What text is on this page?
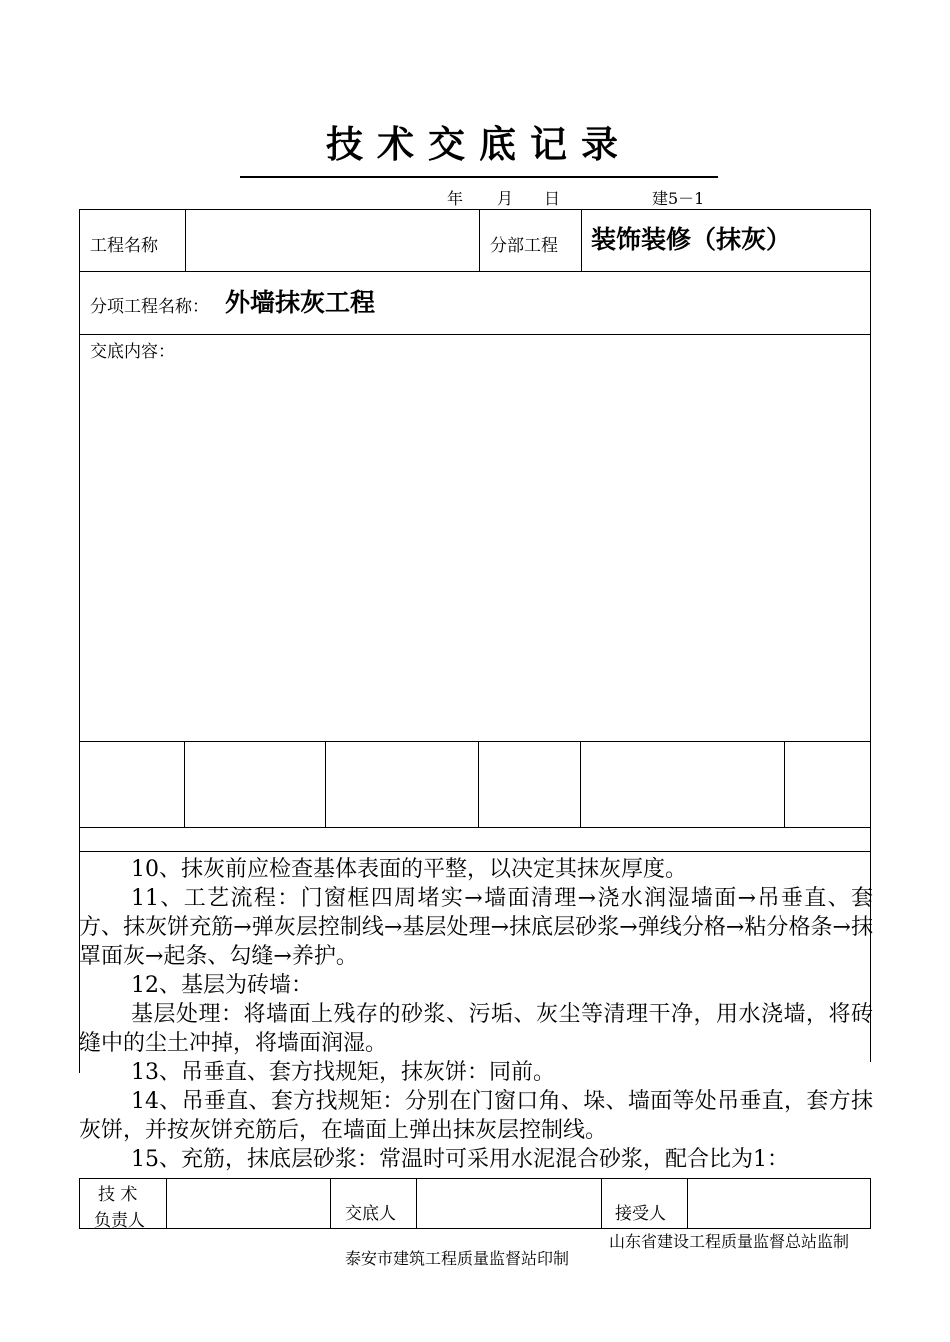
技术交底记录
年 月 日	建5－1
工程名称	分部工程 装饰装修（抹灰）
分项工程名称： 外墙抹灰工程
交底内容：

10、抹灰前应检查基体表面的平整，以决定其抹灰厚度。

11、工艺流程：门窗框四周堵实→墙面清理→浇水润湿墙面→吊垂直、套方、抹灰饼充筋→弹灰层控制线→基层处理→抹底层砂浆→弹线分格→粘分格条→抹罩面灰→起条、勾缝→养护。

12、基层为砖墙：

基层处理：将墙面上残存的砂浆、污垢、灰尘等清理干净，用水浇墙，将砖缝中的尘土冲掉，将墙面润湿。

13、吊垂直、套方找规矩，抹灰饼：同前。

14、吊垂直、套方找规矩：分别在门窗口角、垛、墙面等处吊垂直，套方抹灰饼，并按灰饼充筋后，在墙面上弹出抹灰层控制线。

15、充筋，抹底层砂浆：常温时可采用水泥混合砂浆，配合比为1：

技 术
负责人	交底人	接受人
山东省建设工程质量监督总站监制
泰安市建筑工程质量监督站印制
